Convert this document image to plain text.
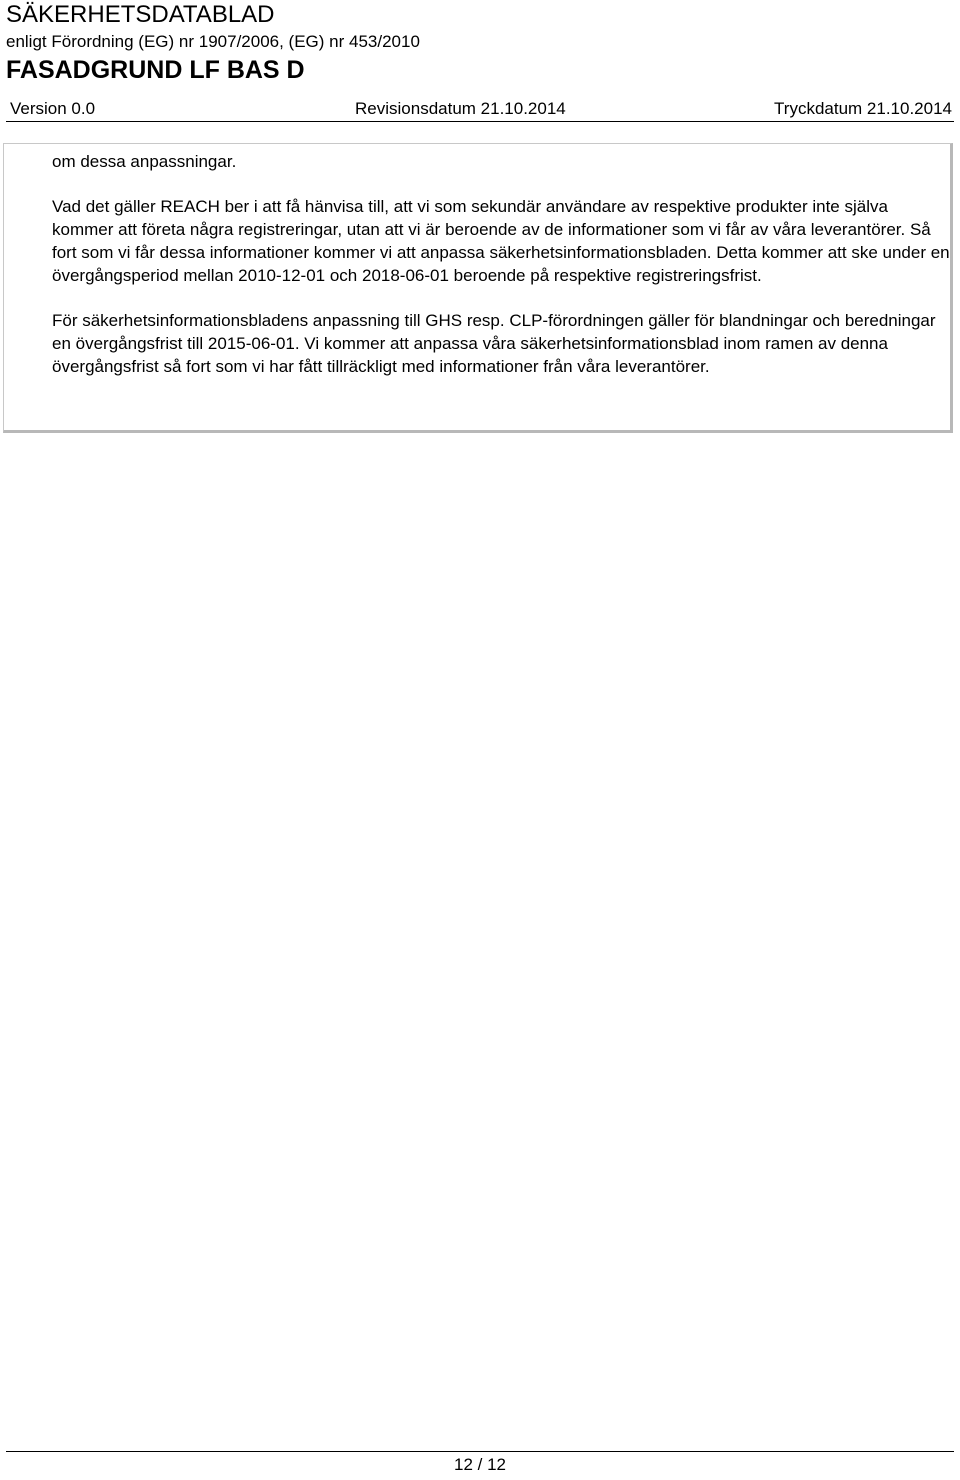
SÄKERHETSDATABLAD
enligt Förordning (EG) nr 1907/2006, (EG) nr 453/2010
FASADGRUND LF BAS D
Version 0.0	Revisionsdatum 21.10.2014	Tryckdatum 21.10.2014

om dessa anpassningar.

Vad det gäller REACH ber i att få hänvisa till, att vi som sekundär användare av respektive produkter inte själva kommer att företa några registreringar, utan att vi är beroende av de informationer som vi får av våra leverantörer. Så fort som vi får dessa informationer kommer vi att anpassa säkerhetsinformationsbladen. Detta kommer att ske under en övergångsperiod mellan 2010-12-01 och 2018-06-01 beroende på respektive registreringsfrist.

För säkerhetsinformationsbladens anpassning till GHS resp. CLP-förordningen gäller för blandningar och beredningar en övergångsfrist till 2015-06-01. Vi kommer att anpassa våra säkerhetsinformationsblad inom ramen av denna övergångsfrist så fort som vi har fått tillräckligt med informationer från våra leverantörer.

12 / 12
